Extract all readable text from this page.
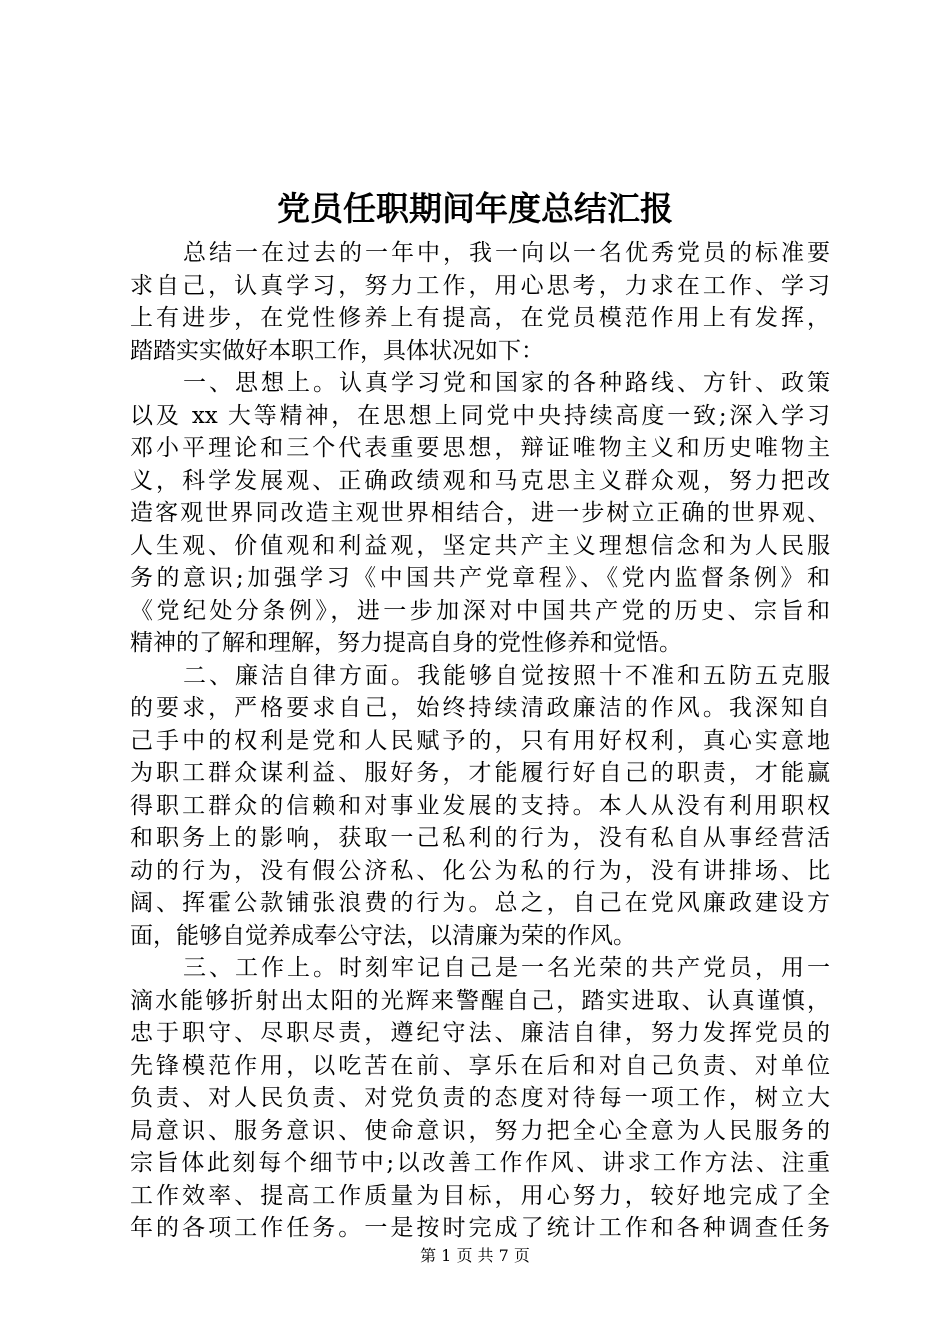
党员任职期间年度总结汇报
总结一在过去的一年中，我一向以一名优秀党员的标准要
求自己，认真学习，努力工作，用心思考，力求在工作、学习
上有进步，在党性修养上有提高，在党员模范作用上有发挥，
踏踏实实做好本职工作，具体状况如下：
一、思想上。认真学习党和国家的各种路线、方针、政策
以及 xx 大等精神，在思想上同党中央持续高度一致;深入学习
邓小平理论和三个代表重要思想，辩证唯物主义和历史唯物主
义，科学发展观、正确政绩观和马克思主义群众观，努力把改
造客观世界同改造主观世界相结合，进一步树立正确的世界观、
人生观、价值观和利益观，坚定共产主义理想信念和为人民服
务的意识;加强学习《中国共产党章程》、《党内监督条例》和
《党纪处分条例》，进一步加深对中国共产党的历史、宗旨和
精神的了解和理解，努力提高自身的党性修养和觉悟。
二、廉洁自律方面。我能够自觉按照十不准和五防五克服
的要求，严格要求自己，始终持续清政廉洁的作风。我深知自
己手中的权利是党和人民赋予的，只有用好权利，真心实意地
为职工群众谋利益、服好务，才能履行好自己的职责，才能赢
得职工群众的信赖和对事业发展的支持。本人从没有利用职权
和职务上的影响，获取一己私利的行为，没有私自从事经营活
动的行为，没有假公济私、化公为私的行为，没有讲排场、比
阔、挥霍公款铺张浪费的行为。总之，自己在党风廉政建设方
面，能够自觉养成奉公守法，以清廉为荣的作风。
三、工作上。时刻牢记自己是一名光荣的共产党员，用一
滴水能够折射出太阳的光辉来警醒自己，踏实进取、认真谨慎，
忠于职守、尽职尽责，遵纪守法、廉洁自律，努力发挥党员的
先锋模范作用，以吃苦在前、享乐在后和对自己负责、对单位
负责、对人民负责、对党负责的态度对待每一项工作，树立大
局意识、服务意识、使命意识，努力把全心全意为人民服务的
宗旨体此刻每个细节中;以改善工作作风、讲求工作方法、注重
工作效率、提高工作质量为目标，用心努力，较好地完成了全
年的各项工作任务。一是按时完成了统计工作和各种调查任务
第 1 页 共 7 页
